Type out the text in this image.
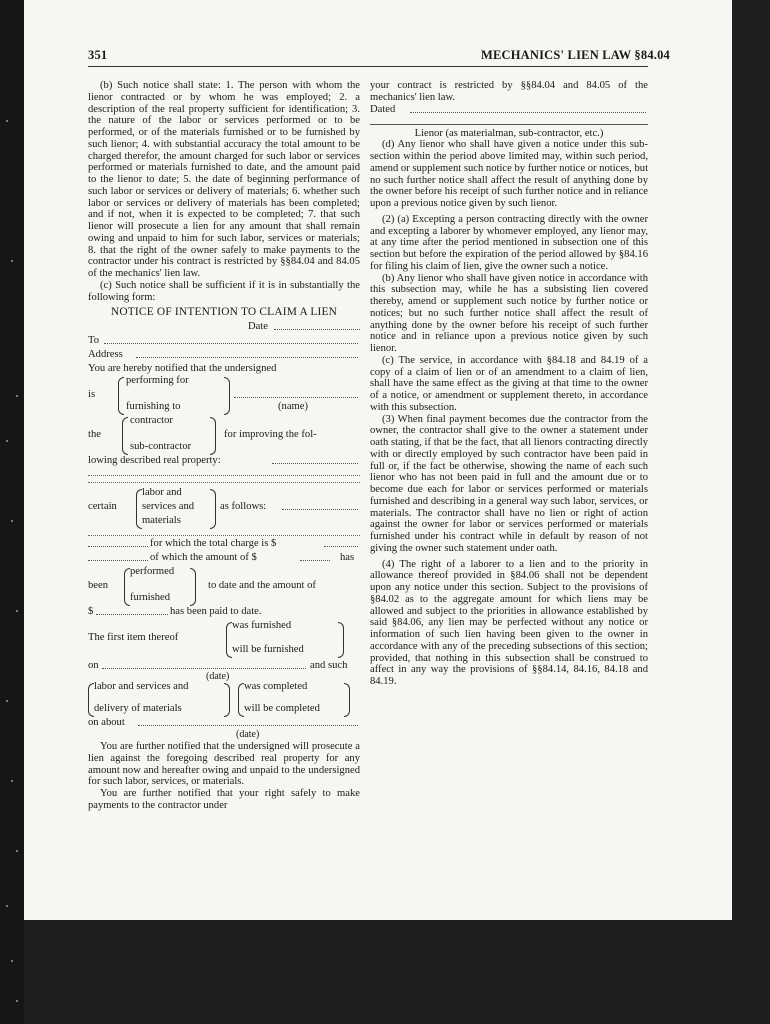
351	MECHANICS' LIEN LAW §84.04

(b) Such notice shall state: 1. The person with whom the lienor contracted or by whom he was employed; 2. a description of the real property sufficient for identification; 3. the nature of the labor or services performed or to be performed, or of the materials furnished or to be furnished by such lienor; 4. with substantial accuracy the total amount to be charged therefor, the amount charged for such labor or services performed or materials furnished to date, and the amount paid to the lienor to date; 5. the date of beginning performance of such labor or services or delivery of materials; 6. whether such labor or services or delivery of materials has been completed; and if not, when it is expected to be completed; 7. that such lienor will prosecute a lien for any amount that shall remain owing and unpaid to him for such labor, services or materials; 8. that the right of the owner safely to make payments to the contractor under his contract is restricted by §§84.04 and 84.05 of the mechanics' lien law.

(c) Such notice shall be sufficient if it is in substantially the following form:

NOTICE OF INTENTION TO CLAIM A LIEN
Date
To
Address
You are hereby notified that the undersigned
is
performing for
furnishing to	(name)
the
contractor
sub-contractor
for improving the fol-
lowing described real property:
certain
labor and
services and
materials
as follows:
for which the total charge is $
of which the amount of $	has
been
performed
furnished
to date and the amount of
$	has been paid to date.
The first item thereof
was furnished
will be furnished
on	and such
(date)
labor and services and
delivery of materials
was completed
will be completed
on about
(date)

You are further notified that the undersigned will prosecute a lien against the foregoing described real property for any amount now and hereafter owing and unpaid to the undersigned for such labor, services, or materials.

You are further notified that your right safely to make payments to the contractor under

your contract is restricted by §§84.04 and 84.05 of the mechanics' lien law.

Dated
Lienor (as materialman, sub-contractor, etc.)

(d) Any lienor who shall have given a notice under this sub-section within the period above limited may, within such period, amend or supplement such notice by further notice or notices, but no such further notice shall affect the result of anything done by the owner before his receipt of such further notice and in reliance upon a previous notice given by such lienor.

(2) (a) Excepting a person contracting directly with the owner and excepting a laborer by whomever employed, any lienor may, at any time after the period mentioned in subsection one of this section but before the expiration of the period allowed by §84.16 for filing his claim of lien, give the owner such a notice.

(b) Any lienor who shall have given notice in accordance with this subsection may, while he has a subsisting lien covered thereby, amend or supplement such notice by further notice or notices; but no such further notice shall affect the result of anything done by the owner before his receipt of such further notice and in reliance upon a previous notice given by such lienor.

(c) The service, in accordance with §84.18 and 84.19 of a copy of a claim of lien or of an amendment to a claim of lien, shall have the same effect as the giving at that time to the owner of a notice, or amendment or supplement thereto, in accordance with this subsection.

(3) When final payment becomes due the contractor from the owner, the contractor shall give to the owner a statement under oath stating, if that be the fact, that all lienors contracting directly with or directly employed by such contractor have been paid in full or, if the fact be otherwise, showing the name of each such lienor who has not been paid in full and the amount due or to become due each for labor or services performed or materials furnished and describing in a general way such labor, services, or materials. The contractor shall have no lien or right of action against the owner for labor or services performed or materials furnished under his contract while in default by reason of not giving the owner such statement under oath.

(4) The right of a laborer to a lien and to the priority in allowance thereof provided in §84.06 shall not be dependent upon any notice under this section. Subject to the provisions of §84.02 as to the aggregate amount for which liens may be allowed and subject to the priorities in allowance established by said §84.06, any lien may be perfected without any notice or information of such lien having been given to the owner in accordance with any of the preceding subsections of this section; provided, that nothing in this subsection shall be construed to affect in any way the provisions of §§84.14, 84.16, 84.18 and 84.19.
